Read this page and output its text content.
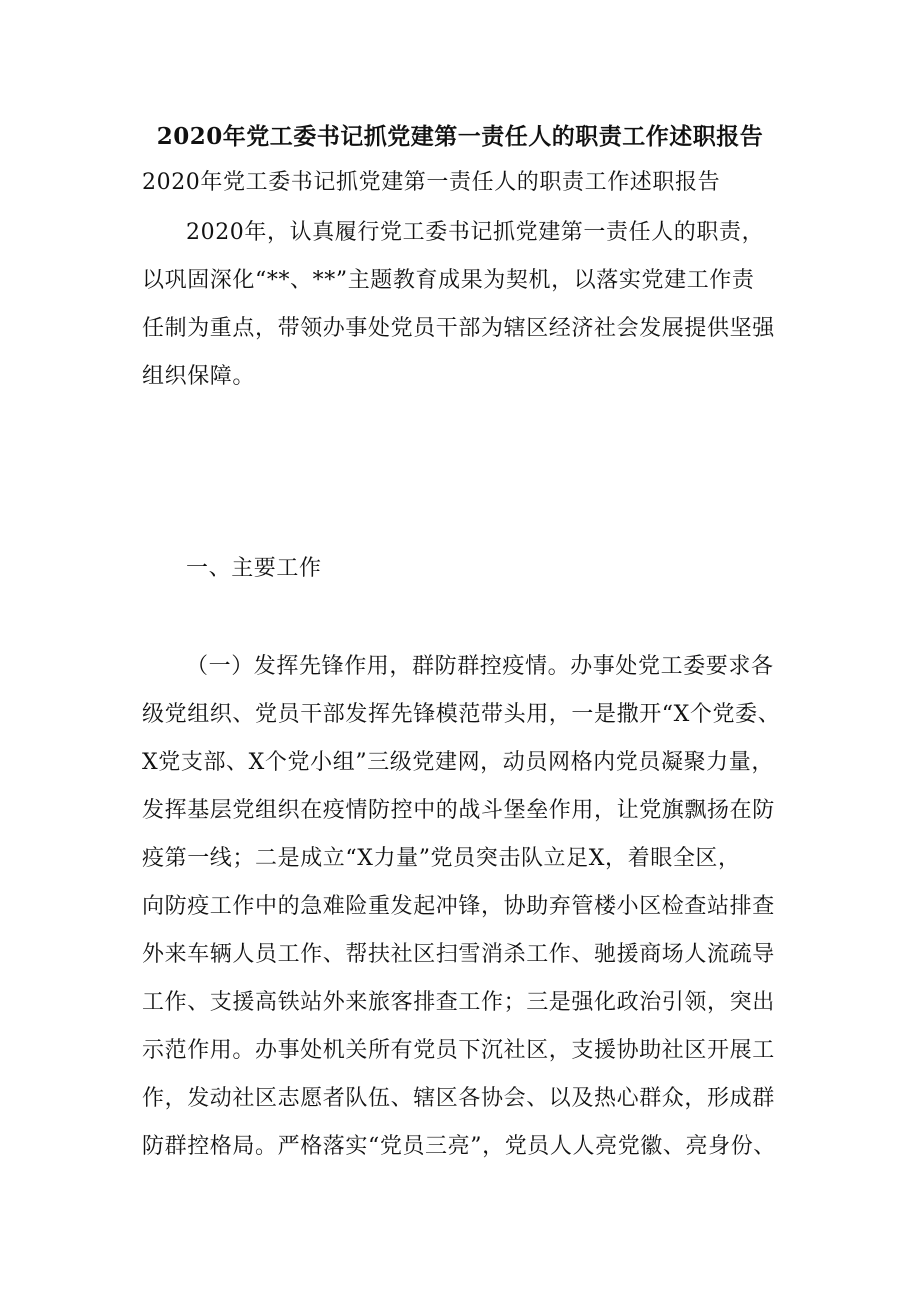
2020年党工委书记抓党建第一责任人的职责工作述职报告
2020年党工委书记抓党建第一责任人的职责工作述职报告
2020年，认真履行党工委书记抓党建第一责任人的职责，
以巩固深化“**、**”主题教育成果为契机，以落实党建工作责
任制为重点，带领办事处党员干部为辖区经济社会发展提供坚强
组织保障。
一、主要工作
（一）发挥先锋作用，群防群控疫情。办事处党工委要求各
级党组织、党员干部发挥先锋模范带头用，一是撒开“X个党委、
X党支部、X个党小组”三级党建网，动员网格内党员凝聚力量，
发挥基层党组织在疫情防控中的战斗堡垒作用，让党旗飘扬在防
疫第一线；二是成立“X力量”党员突击队立足X，着眼全区，
向防疫工作中的急难险重发起冲锋，协助弃管楼小区检查站排查
外来车辆人员工作、帮扶社区扫雪消杀工作、驰援商场人流疏导
工作、支援高铁站外来旅客排查工作；三是强化政治引领，突出
示范作用。办事处机关所有党员下沉社区，支援协助社区开展工
作，发动社区志愿者队伍、辖区各协会、以及热心群众，形成群
防群控格局。严格落实“党员三亮”，党员人人亮党徽、亮身份、
